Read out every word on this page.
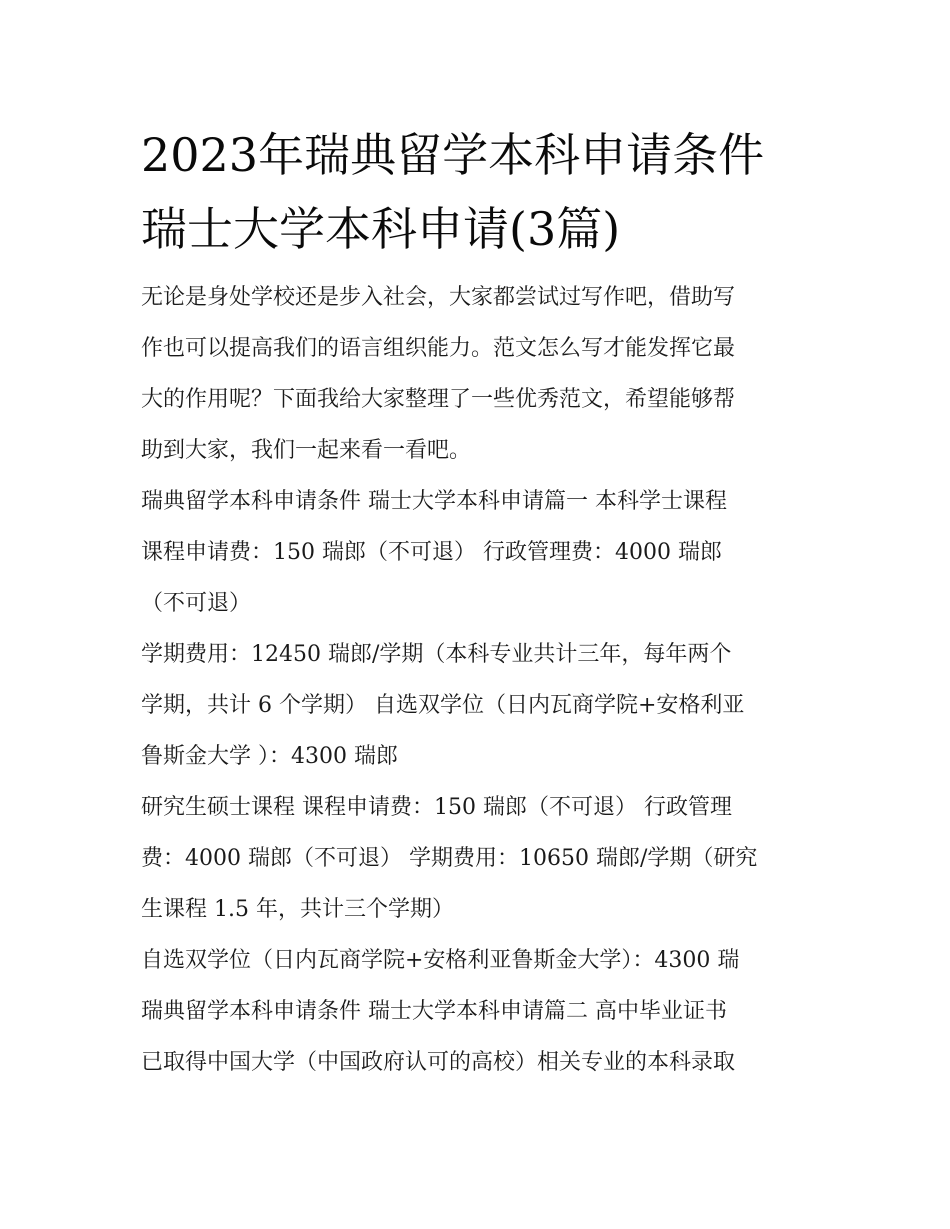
2023年瑞典留学本科申请条件
瑞士大学本科申请(3篇)

无论是身处学校还是步入社会，大家都尝试过写作吧，借助写
作也可以提高我们的语言组织能力。范文怎么写才能发挥它最
大的作用呢？下面我给大家整理了一些优秀范文，希望能够帮
助到大家，我们一起来看一看吧。

瑞典留学本科申请条件 瑞士大学本科申请篇一 本科学士课程
课程申请费：150 瑞郎（不可退） 行政管理费：4000 瑞郎
（不可退）

学期费用：12450 瑞郎/学期（本科专业共计三年，每年两个
学期，共计 6 个学期） 自选双学位（日内瓦商学院+安格利亚
鲁斯金大学 ）：4300 瑞郎

研究生硕士课程 课程申请费：150 瑞郎（不可退） 行政管理
费：4000 瑞郎（不可退） 学期费用：10650 瑞郎/学期（研究
生课程 1.5 年，共计三个学期）

自选双学位（日内瓦商学院+安格利亚鲁斯金大学）：4300 瑞

瑞典留学本科申请条件 瑞士大学本科申请篇二 高中毕业证书
已取得中国大学（中国政府认可的高校）相关专业的本科录取
